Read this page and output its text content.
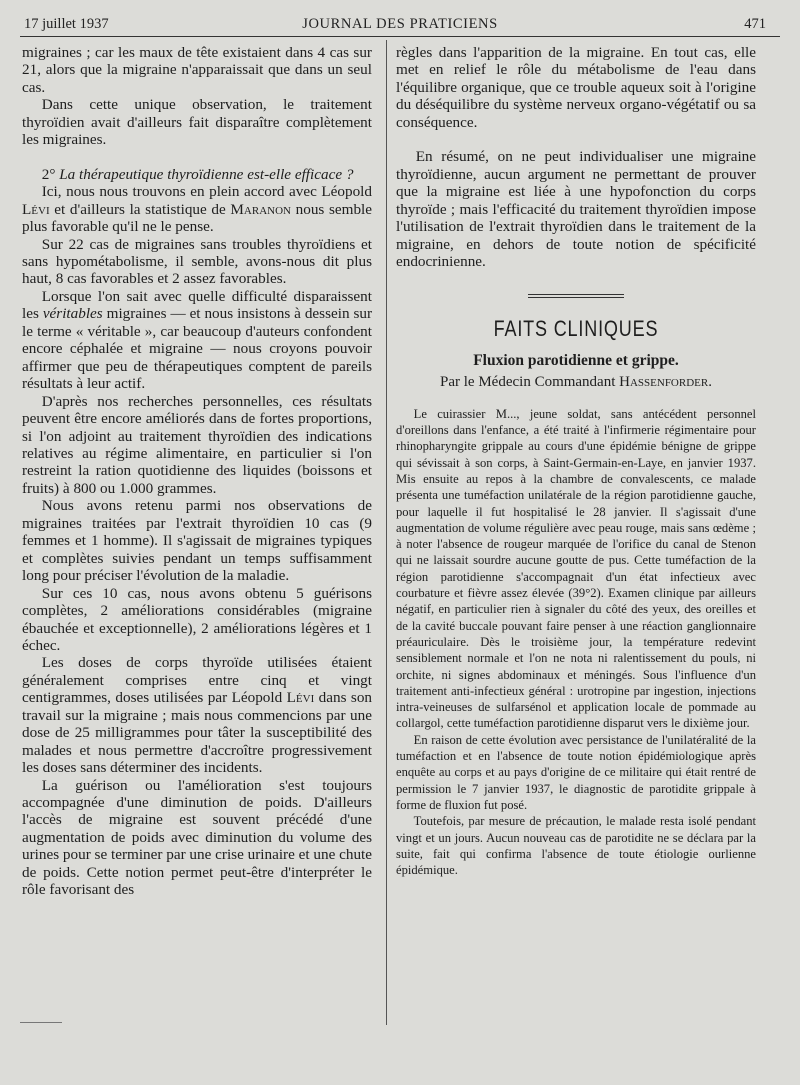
17 juillet 1937	JOURNAL DES PRATICIENS	471

migraines ; car les maux de tête existaient dans 4 cas sur 21, alors que la migraine n'apparaissait que dans un seul cas.

Dans cette unique observation, le traitement thyroïdien avait d'ailleurs fait disparaître complètement les migraines.

2° La thérapeutique thyroïdienne est-elle efficace ?

Ici, nous nous trouvons en plein accord avec Léopold Lévi et d'ailleurs la statistique de Maranon nous semble plus favorable qu'il ne le pense.

Sur 22 cas de migraines sans troubles thyroïdiens et sans hypométabolisme, il semble, avons-nous dit plus haut, 8 cas favorables et 2 assez favorables.

Lorsque l'on sait avec quelle difficulté disparaissent les véritables migraines — et nous insistons à dessein sur le terme « véritable », car beaucoup d'auteurs confondent encore céphalée et migraine — nous croyons pouvoir affirmer que peu de thérapeutiques comptent de pareils résultats à leur actif.

D'après nos recherches personnelles, ces résultats peuvent être encore améliorés dans de fortes proportions, si l'on adjoint au traitement thyroïdien des indications relatives au régime alimentaire, en particulier si l'on restreint la ration quotidienne des liquides (boissons et fruits) à 800 ou 1.000 grammes.

Nous avons retenu parmi nos observations de migraines traitées par l'extrait thyroïdien 10 cas (9 femmes et 1 homme). Il s'agissait de migraines typiques et complètes suivies pendant un temps suffisamment long pour préciser l'évolution de la maladie.

Sur ces 10 cas, nous avons obtenu 5 guérisons complètes, 2 améliorations considérables (migraine ébauchée et exceptionnelle), 2 améliorations légères et 1 échec.

Les doses de corps thyroïde utilisées étaient généralement comprises entre cinq et vingt centigrammes, doses utilisées par Léopold Lévi dans son travail sur la migraine ; mais nous commencions par une dose de 25 milligrammes pour tâter la susceptibilité des malades et nous permettre d'accroître progressivement les doses sans déterminer des incidents.

La guérison ou l'amélioration s'est toujours accompagnée d'une diminution de poids. D'ailleurs l'accès de migraine est souvent précédé d'une augmentation de poids avec diminution du volume des urines pour se terminer par une crise urinaire et une chute de poids. Cette notion permet peut-être d'interpréter le rôle favorisant des

règles dans l'apparition de la migraine. En tout cas, elle met en relief le rôle du métabolisme de l'eau dans l'équilibre organique, que ce trouble aqueux soit à l'origine du déséquilibre du système nerveux organo-végétatif ou sa conséquence.

En résumé, on ne peut individualiser une migraine thyroïdienne, aucun argument ne permettant de prouver que la migraine est liée à une hypofonction du corps thyroïde ; mais l'efficacité du traitement thyroïdien impose l'utilisation de l'extrait thyroïdien dans le traitement de la migraine, en dehors de toute notion de spécificité endocrinienne.

FAITS CLINIQUES
Fluxion parotidienne et grippe.
Par le Médecin Commandant Hassenforder.

Le cuirassier M..., jeune soldat, sans antécédent personnel d'oreillons dans l'enfance, a été traité à l'infirmerie régimentaire pour rhinopharyngite grippale au cours d'une épidémie bénigne de grippe qui sévissait à son corps, à Saint-Germain-en-Laye, en janvier 1937. Mis ensuite au repos à la chambre de convalescents, ce malade présenta une tuméfaction unilatérale de la région parotidienne gauche, pour laquelle il fut hospitalisé le 28 janvier. Il s'agissait d'une augmentation de volume régulière avec peau rouge, mais sans œdème ; à noter l'absence de rougeur marquée de l'orifice du canal de Stenon qui ne laissait sourdre aucune goutte de pus. Cette tuméfaction de la région parotidienne s'accompagnait d'un état infectieux avec courbature et fièvre assez élevée (39°2). Examen clinique par ailleurs négatif, en particulier rien à signaler du côté des yeux, des oreilles et de la cavité buccale pouvant faire penser à une réaction ganglionnaire préauriculaire. Dès le troisième jour, la température redevint sensiblement normale et l'on ne nota ni ralentissement du pouls, ni orchite, ni signes abdominaux et méningés. Sous l'influence d'un traitement anti-infectieux général : urotropine par ingestion, injections intra-veineuses de sulfarsénol et application locale de pommade au collargol, cette tuméfaction parotidienne disparut vers le dixième jour.

En raison de cette évolution avec persistance de l'unilatéralité de la tuméfaction et en l'absence de toute notion épidémiologique après enquête au corps et au pays d'origine de ce militaire qui était rentré de permission le 7 janvier 1937, le diagnostic de parotidite grippale à forme de fluxion fut posé.

Toutefois, par mesure de précaution, le malade resta isolé pendant vingt et un jours. Aucun nouveau cas de parotidite ne se déclara par la suite, fait qui confirma l'absence de toute étiologie ourlienne épidémique.
